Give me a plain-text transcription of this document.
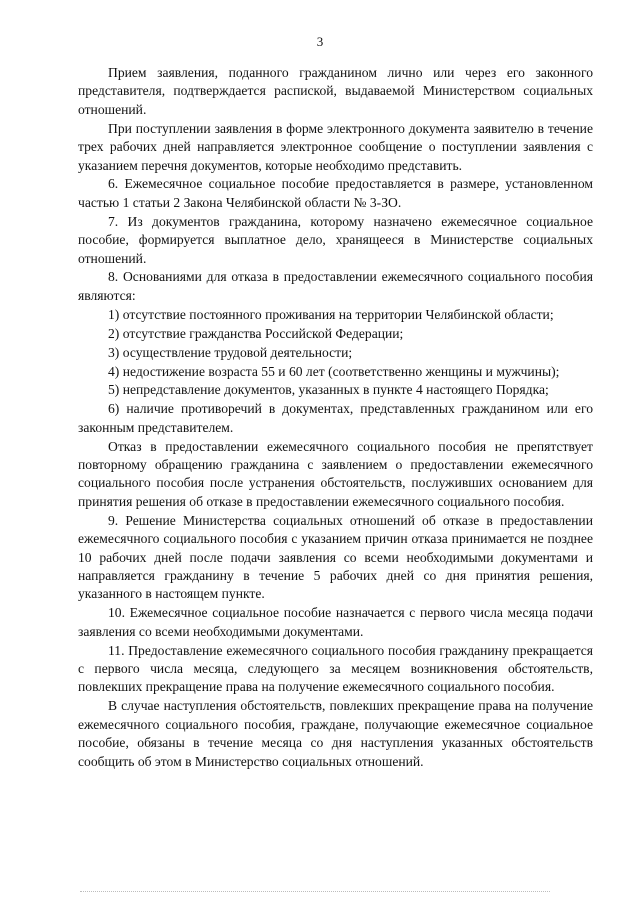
3

Прием заявления, поданного гражданином лично или через его законного представителя, подтверждается распиской, выдаваемой Министерством социальных отношений.

При поступлении заявления в форме электронного документа заявителю в течение трех рабочих дней направляется электронное сообщение о поступлении заявления с указанием перечня документов, которые необходимо представить.

6. Ежемесячное социальное пособие предоставляется в размере, установленном частью 1 статьи 2 Закона Челябинской области № 3-ЗО.

7. Из документов гражданина, которому назначено ежемесячное социальное пособие, формируется выплатное дело, хранящееся в Министерстве социальных отношений.

8. Основаниями для отказа в предоставлении ежемесячного социального пособия являются:

1) отсутствие постоянного проживания на территории Челябинской области;

2) отсутствие гражданства Российской Федерации;

3) осуществление трудовой деятельности;

4) недостижение возраста 55 и 60 лет (соответственно женщины и мужчины);

5) непредставление документов, указанных в пункте 4 настоящего Порядка;

6) наличие противоречий в документах, представленных гражданином или его законным представителем.

Отказ в предоставлении ежемесячного социального пособия не препятствует повторному обращению гражданина с заявлением о предоставлении ежемесячного социального пособия после устранения обстоятельств, послуживших основанием для принятия решения об отказе в предоставлении ежемесячного социального пособия.

9. Решение Министерства социальных отношений об отказе в предоставлении ежемесячного социального пособия с указанием причин отказа принимается не позднее 10 рабочих дней после подачи заявления со всеми необходимыми документами и направляется гражданину в течение 5 рабочих дней со дня принятия решения, указанного в настоящем пункте.

10. Ежемесячное социальное пособие назначается с первого числа месяца подачи заявления со всеми необходимыми документами.

11. Предоставление ежемесячного социального пособия гражданину прекращается с первого числа месяца, следующего за месяцем возникновения обстоятельств, повлекших прекращение права на получение ежемесячного социального пособия.

В случае наступления обстоятельств, повлекших прекращение права на получение ежемесячного социального пособия, граждане, получающие ежемесячное социальное пособие, обязаны в течение месяца со дня наступления указанных обстоятельств сообщить об этом в Министерство социальных отношений.
